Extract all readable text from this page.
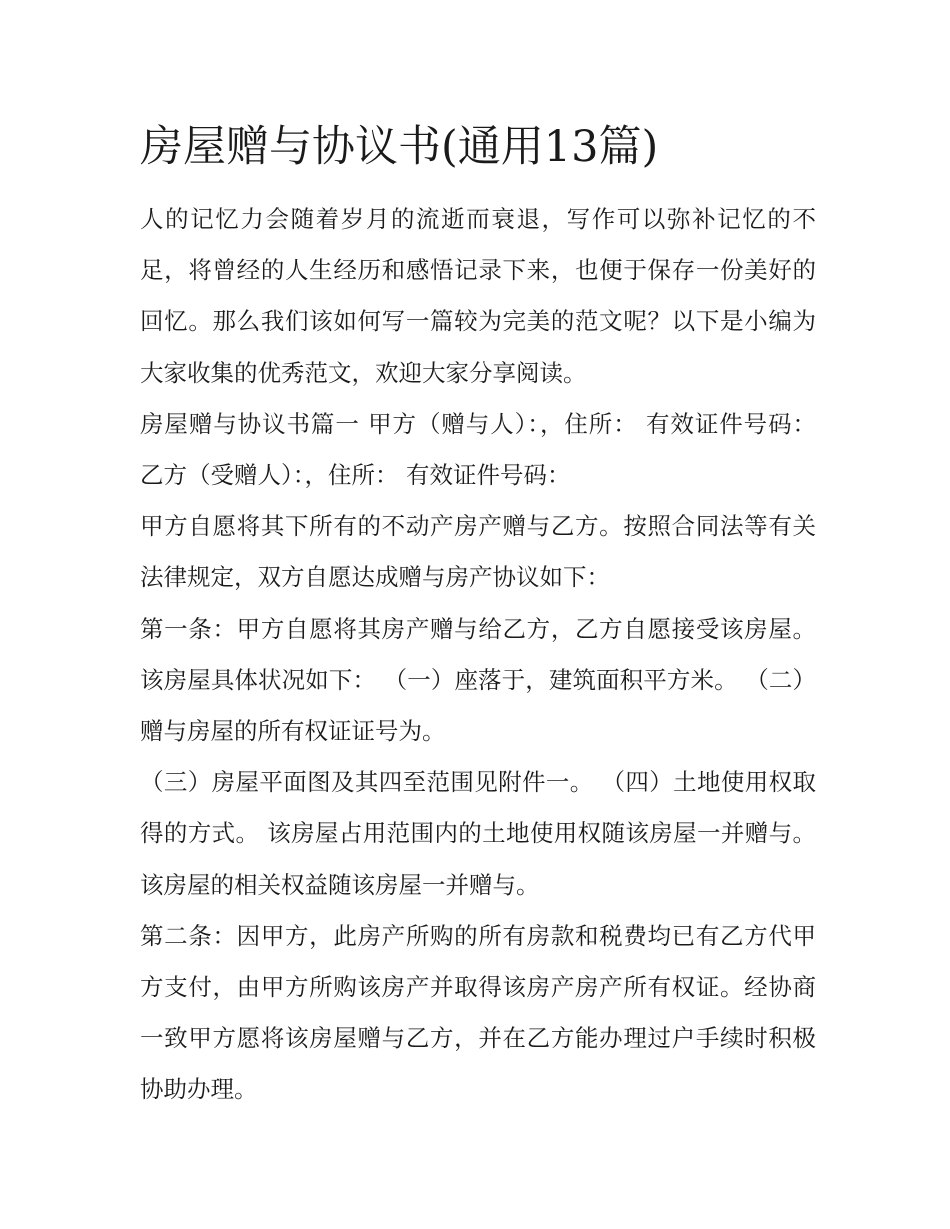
房屋赠与协议书(通用13篇)

人的记忆力会随着岁月的流逝而衰退，写作可以弥补记忆的不足，将曾经的人生经历和感悟记录下来，也便于保存一份美好的回忆。那么我们该如何写一篇较为完美的范文呢？以下是小编为大家收集的优秀范文，欢迎大家分享阅读。

房屋赠与协议书篇一 甲方（赠与人）：，住所： 有效证件号码： 乙方（受赠人）：，住所： 有效证件号码：

甲方自愿将其下所有的不动产房产赠与乙方。按照合同法等有关法律规定，双方自愿达成赠与房产协议如下：

第一条：甲方自愿将其房产赠与给乙方，乙方自愿接受该房屋。该房屋具体状况如下： （一）座落于，建筑面积平方米。 （二）赠与房屋的所有权证证号为。

（三）房屋平面图及其四至范围见附件一。 （四）土地使用权取得的方式。 该房屋占用范围内的土地使用权随该房屋一并赠与。 该房屋的相关权益随该房屋一并赠与。

第二条：因甲方，此房产所购的所有房款和税费均已有乙方代甲方支付，由甲方所购该房产并取得该房产房产所有权证。经协商一致甲方愿将该房屋赠与乙方，并在乙方能办理过户手续时积极协助办理。
